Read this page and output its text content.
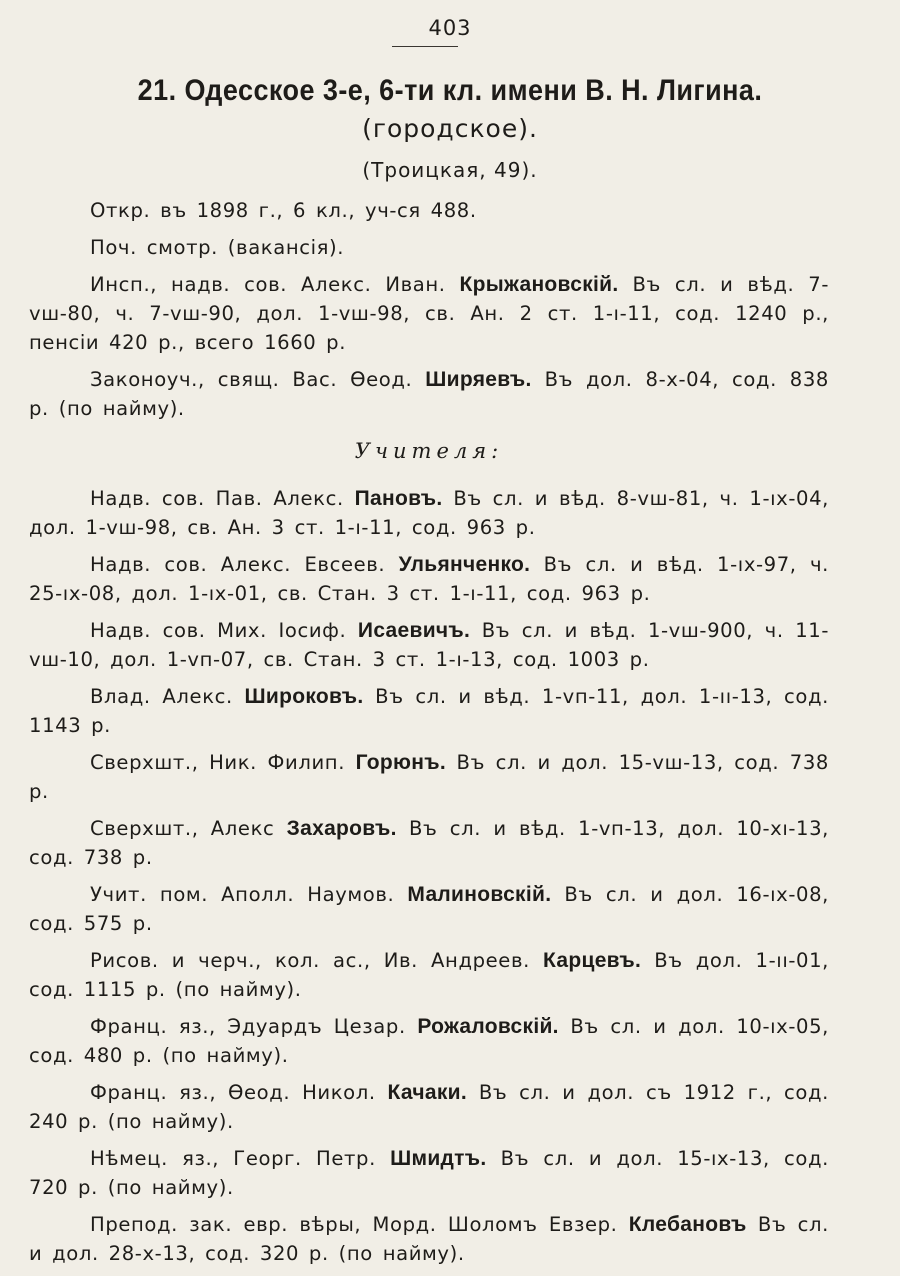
403
21. Одесское 3-е, 6-ти кл. имени В. Н. Лигина.
(городское).
(Троицкая, 49).

Откр. въ 1898 г., 6 кл., уч-ся 488.

Поч. смотр. (вакансія).

Инсп., надв. сов. Алекс. Иван. Крыжановскій. Въ сл. и вѣд. 7-vш-80, ч. 7-vш-90, дол. 1-vш-98, св. Ан. 2 ст. 1-ı-11, сод. 1240 р., пенсіи 420 р., всего 1660 р.

Законоуч., свящ. Вас. Ѳеод. Ширяевъ. Въ дол. 8-x-04, сод. 838 р. (по найму).

Учителя:

Надв. сов. Пав. Алекс. Пановъ. Въ сл. и вѣд. 8-vш-81, ч. 1-ıx-04, дол. 1-vш-98, св. Ан. 3 ст. 1-ı-11, сод. 963 р.

Надв. сов. Алекс. Евсеев. Ульянченко. Въ сл. и вѣд. 1-ıx-97, ч. 25-ıx-08, дол. 1-ıx-01, св. Стан. 3 ст. 1-ı-11, сод. 963 р.

Надв. сов. Мих. Іосиф. Исаевичъ. Въ сл. и вѣд. 1-vш-900, ч. 11-vш-10, дол. 1-vп-07, св. Стан. 3 ст. 1-ı-13, сод. 1003 р.

Влад. Алекс. Широковъ. Въ сл. и вѣд. 1-vп-11, дол. 1-ıı-13, сод. 1143 р.

Сверхшт., Ник. Филип. Горюнъ. Въ сл. и дол. 15-vш-13, сод. 738 р.

Сверхшт., Алекс Захаровъ. Въ сл. и вѣд. 1-vп-13, дол. 10-xı-13, сод. 738 р.

Учит. пом. Аполл. Наумов. Малиновскій. Въ сл. и дол. 16-ıx-08, сод. 575 р.

Рисов. и черч., кол. ас., Ив. Андреев. Карцевъ. Въ дол. 1-ıı-01, сод. 1115 р. (по найму).

Франц. яз., Эдуардъ Цезар. Рожаловскій. Въ сл. и дол. 10-ıx-05, сод. 480 р. (по найму).

Франц. яз., Ѳеод. Никол. Качаки. Въ сл. и дол. съ 1912 г., сод. 240 р. (по найму).

Нѣмец. яз., Георг. Петр. Шмидтъ. Въ сл. и дол. 15-ıx-13, сод. 720 р. (по найму).

Препод. зак. евр. вѣры, Морд. Шоломъ Евзер. Клебановъ Въ сл. и дол. 28-x-13, сод. 320 р. (по найму).
